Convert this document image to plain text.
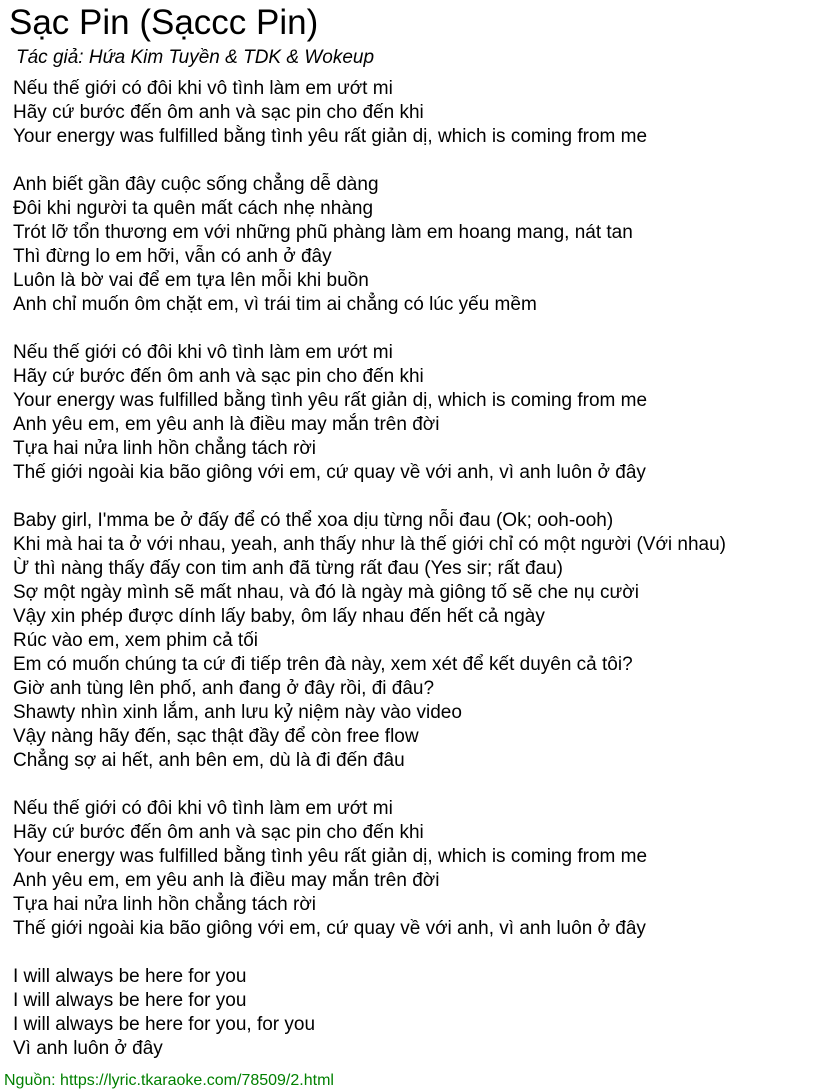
Sạc Pin (Sạccc Pin)
Tác giả: Hứa Kim Tuyền & TDK & Wokeup
Nếu thế giới có đôi khi vô tình làm em ướt mi
Hãy cứ bước đến ôm anh và sạc pin cho đến khi
Your energy was fulfilled bằng tình yêu rất giản dị, which is coming from me
Anh biết gần đây cuộc sống chẳng dễ dàng
Đôi khi người ta quên mất cách nhẹ nhàng
Trót lỡ tổn thương em với những phũ phàng làm em hoang mang, nát tan
Thì đừng lo em hỡi, vẫn có anh ở đây
Luôn là bờ vai để em tựa lên mỗi khi buồn
Anh chỉ muốn ôm chặt em, vì trái tim ai chẳng có lúc yếu mềm
Nếu thế giới có đôi khi vô tình làm em ướt mi
Hãy cứ bước đến ôm anh và sạc pin cho đến khi
Your energy was fulfilled bằng tình yêu rất giản dị, which is coming from me
Anh yêu em, em yêu anh là điều may mắn trên đời
Tựa hai nửa linh hồn chẳng tách rời
Thế giới ngoài kia bão giông với em, cứ quay về với anh, vì anh luôn ở đây
Baby girl, I'mma be ở đấy để có thể xoa dịu từng nỗi đau (Ok; ooh-ooh)
Khi mà hai ta ở với nhau, yeah, anh thấy như là thế giới chỉ có một người (Với nhau)
Ừ thì nàng thấy đấy con tim anh đã từng rất đau (Yes sir; rất đau)
Sợ một ngày mình sẽ mất nhau, và đó là ngày mà giông tố sẽ che nụ cười
Vậy xin phép được dính lấy baby, ôm lấy nhau đến hết cả ngày
Rúc vào em, xem phim cả tối
Em có muốn chúng ta cứ đi tiếp trên đà này, xem xét để kết duyên cả tôi?
Giờ anh tùng lên phố, anh đang ở đây rồi, đi đâu?
Shawty nhìn xinh lắm, anh lưu kỷ niệm này vào video
Vậy nàng hãy đến, sạc thật đầy để còn free flow
Chẳng sợ ai hết, anh bên em, dù là đi đến đâu
Nếu thế giới có đôi khi vô tình làm em ướt mi
Hãy cứ bước đến ôm anh và sạc pin cho đến khi
Your energy was fulfilled bằng tình yêu rất giản dị, which is coming from me
Anh yêu em, em yêu anh là điều may mắn trên đời
Tựa hai nửa linh hồn chẳng tách rời
Thế giới ngoài kia bão giông với em, cứ quay về với anh, vì anh luôn ở đây
I will always be here for you
I will always be here for you
I will always be here for you, for you
Vì anh luôn ở đây
Nguồn: https://lyric.tkaraoke.com/78509/2.html
